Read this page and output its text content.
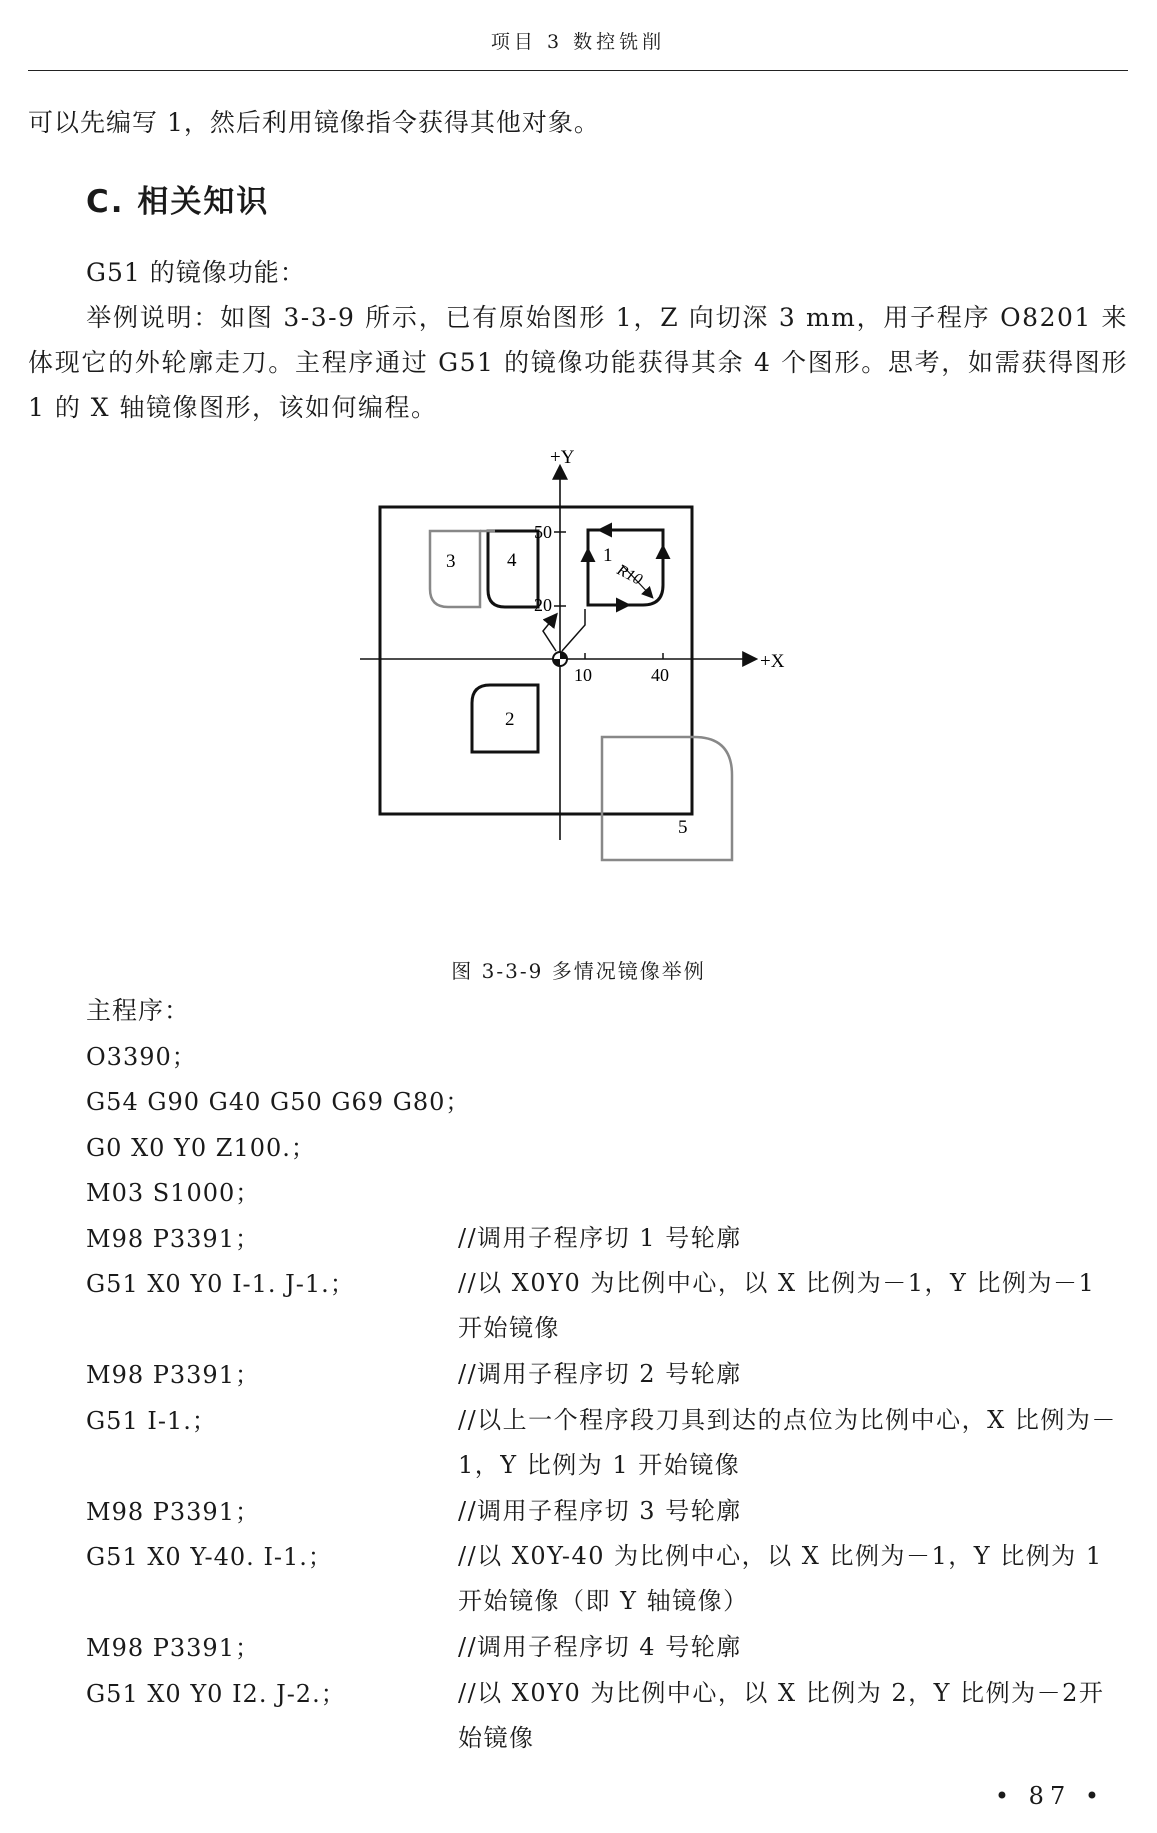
项目 3 数控铣削
可以先编写 1，然后利用镜像指令获得其他对象。
C. 相关知识
G51 的镜像功能：
举例说明：如图 3-3-9 所示，已有原始图形 1，Z 向切深 3 mm，用子程序 O8201 来体现它的外轮廓走刀。主程序通过 G51 的镜像功能获得其余 4 个图形。思考，如需获得图形 1 的 X 轴镜像图形，该如何编程。
+Y
+X
50
20
10	40
R10
1
2
3	4
5
图 3-3-9 多情况镜像举例
主程序：
O3390；
G54 G90 G40 G50 G69 G80；
G0 X0 Y0 Z100.；
M03 S1000；
M98 P3391；	//调用子程序切 1 号轮廓
G51 X0 Y0 I-1. J-1.；	//以 X0Y0 为比例中心，以 X 比例为－1，Y 比例为－1 开始镜像
M98 P3391；	//调用子程序切 2 号轮廓
G51 I-1.；	//以上一个程序段刀具到达的点位为比例中心，X 比例为－1，Y 比例为 1 开始镜像
M98 P3391；	//调用子程序切 3 号轮廓
G51 X0 Y-40. I-1.；	//以 X0Y-40 为比例中心，以 X 比例为－1，Y 比例为 1 开始镜像（即 Y 轴镜像）
M98 P3391；	//调用子程序切 4 号轮廓
G51 X0 Y0 I2. J-2.；	//以 X0Y0 为比例中心，以 X 比例为 2，Y 比例为－2开始镜像
• 87 •
